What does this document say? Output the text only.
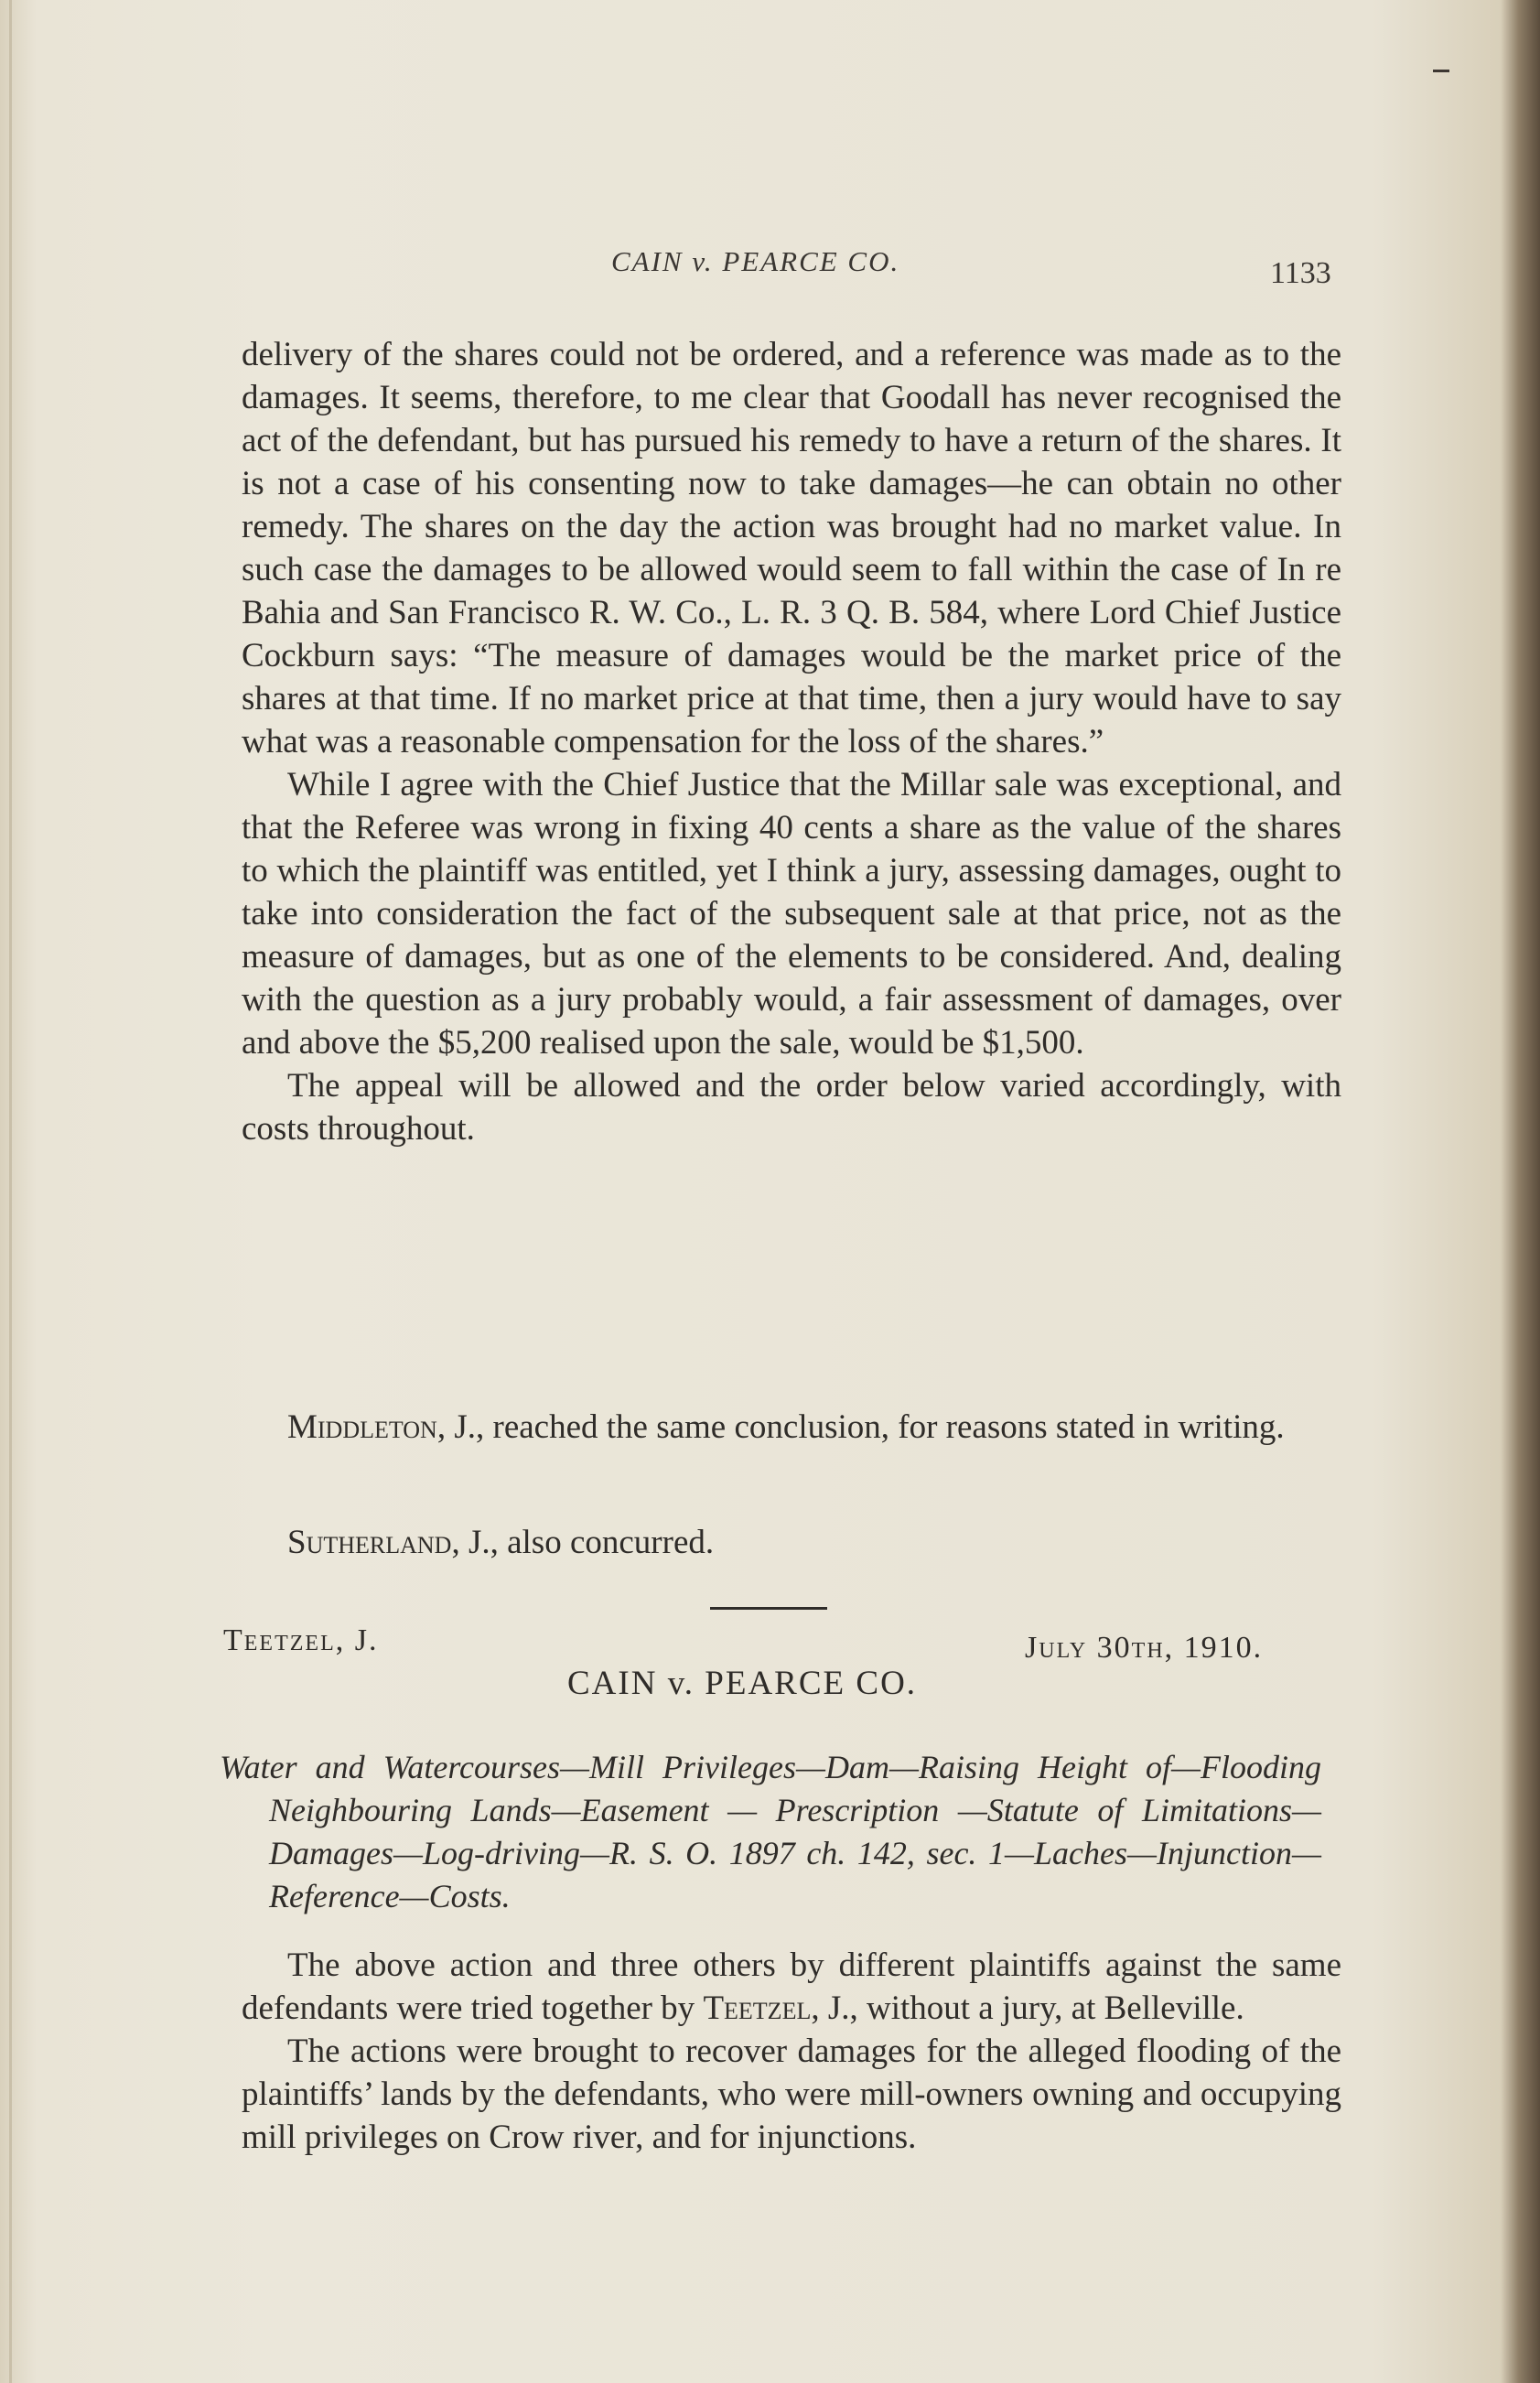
CAIN v. PEARCE CO.	1133

delivery of the shares could not be ordered, and a reference was made as to the damages. It seems, therefore, to me clear that Goodall has never recognised the act of the defendant, but has pursued his remedy to have a return of the shares. It is not a case of his consenting now to take damages—he can obtain no other remedy. The shares on the day the action was brought had no market value. In such case the damages to be allowed would seem to fall within the case of In re Bahia and San Francisco R. W. Co., L. R. 3 Q. B. 584, where Lord Chief Justice Cockburn says: “The measure of damages would be the market price of the shares at that time. If no market price at that time, then a jury would have to say what was a reasonable compensation for the loss of the shares.”

While I agree with the Chief Justice that the Millar sale was exceptional, and that the Referee was wrong in fixing 40 cents a share as the value of the shares to which the plaintiff was entitled, yet I think a jury, assessing damages, ought to take into consideration the fact of the subsequent sale at that price, not as the measure of damages, but as one of the elements to be considered. And, dealing with the question as a jury probably would, a fair assessment of damages, over and above the $5,200 realised upon the sale, would be $1,500.

The appeal will be allowed and the order below varied accordingly, with costs throughout.

Middleton, J., reached the same conclusion, for reasons stated in writing.

Sutherland, J., also concurred.

Teetzel, J.	July 30th, 1910.
CAIN v. PEARCE CO.
Water and Watercourses—Mill Privileges—Dam—Raising Height of—Flooding Neighbouring Lands—Easement — Prescription —Statute of Limitations—Damages—Log-driving—R. S. O. 1897 ch. 142, sec. 1—Laches—Injunction—Reference—Costs.

The above action and three others by different plaintiffs against the same defendants were tried together by Teetzel, J., without a jury, at Belleville.

The actions were brought to recover damages for the alleged flooding of the plaintiffs’ lands by the defendants, who were mill-owners owning and occupying mill privileges on Crow river, and for injunctions.
